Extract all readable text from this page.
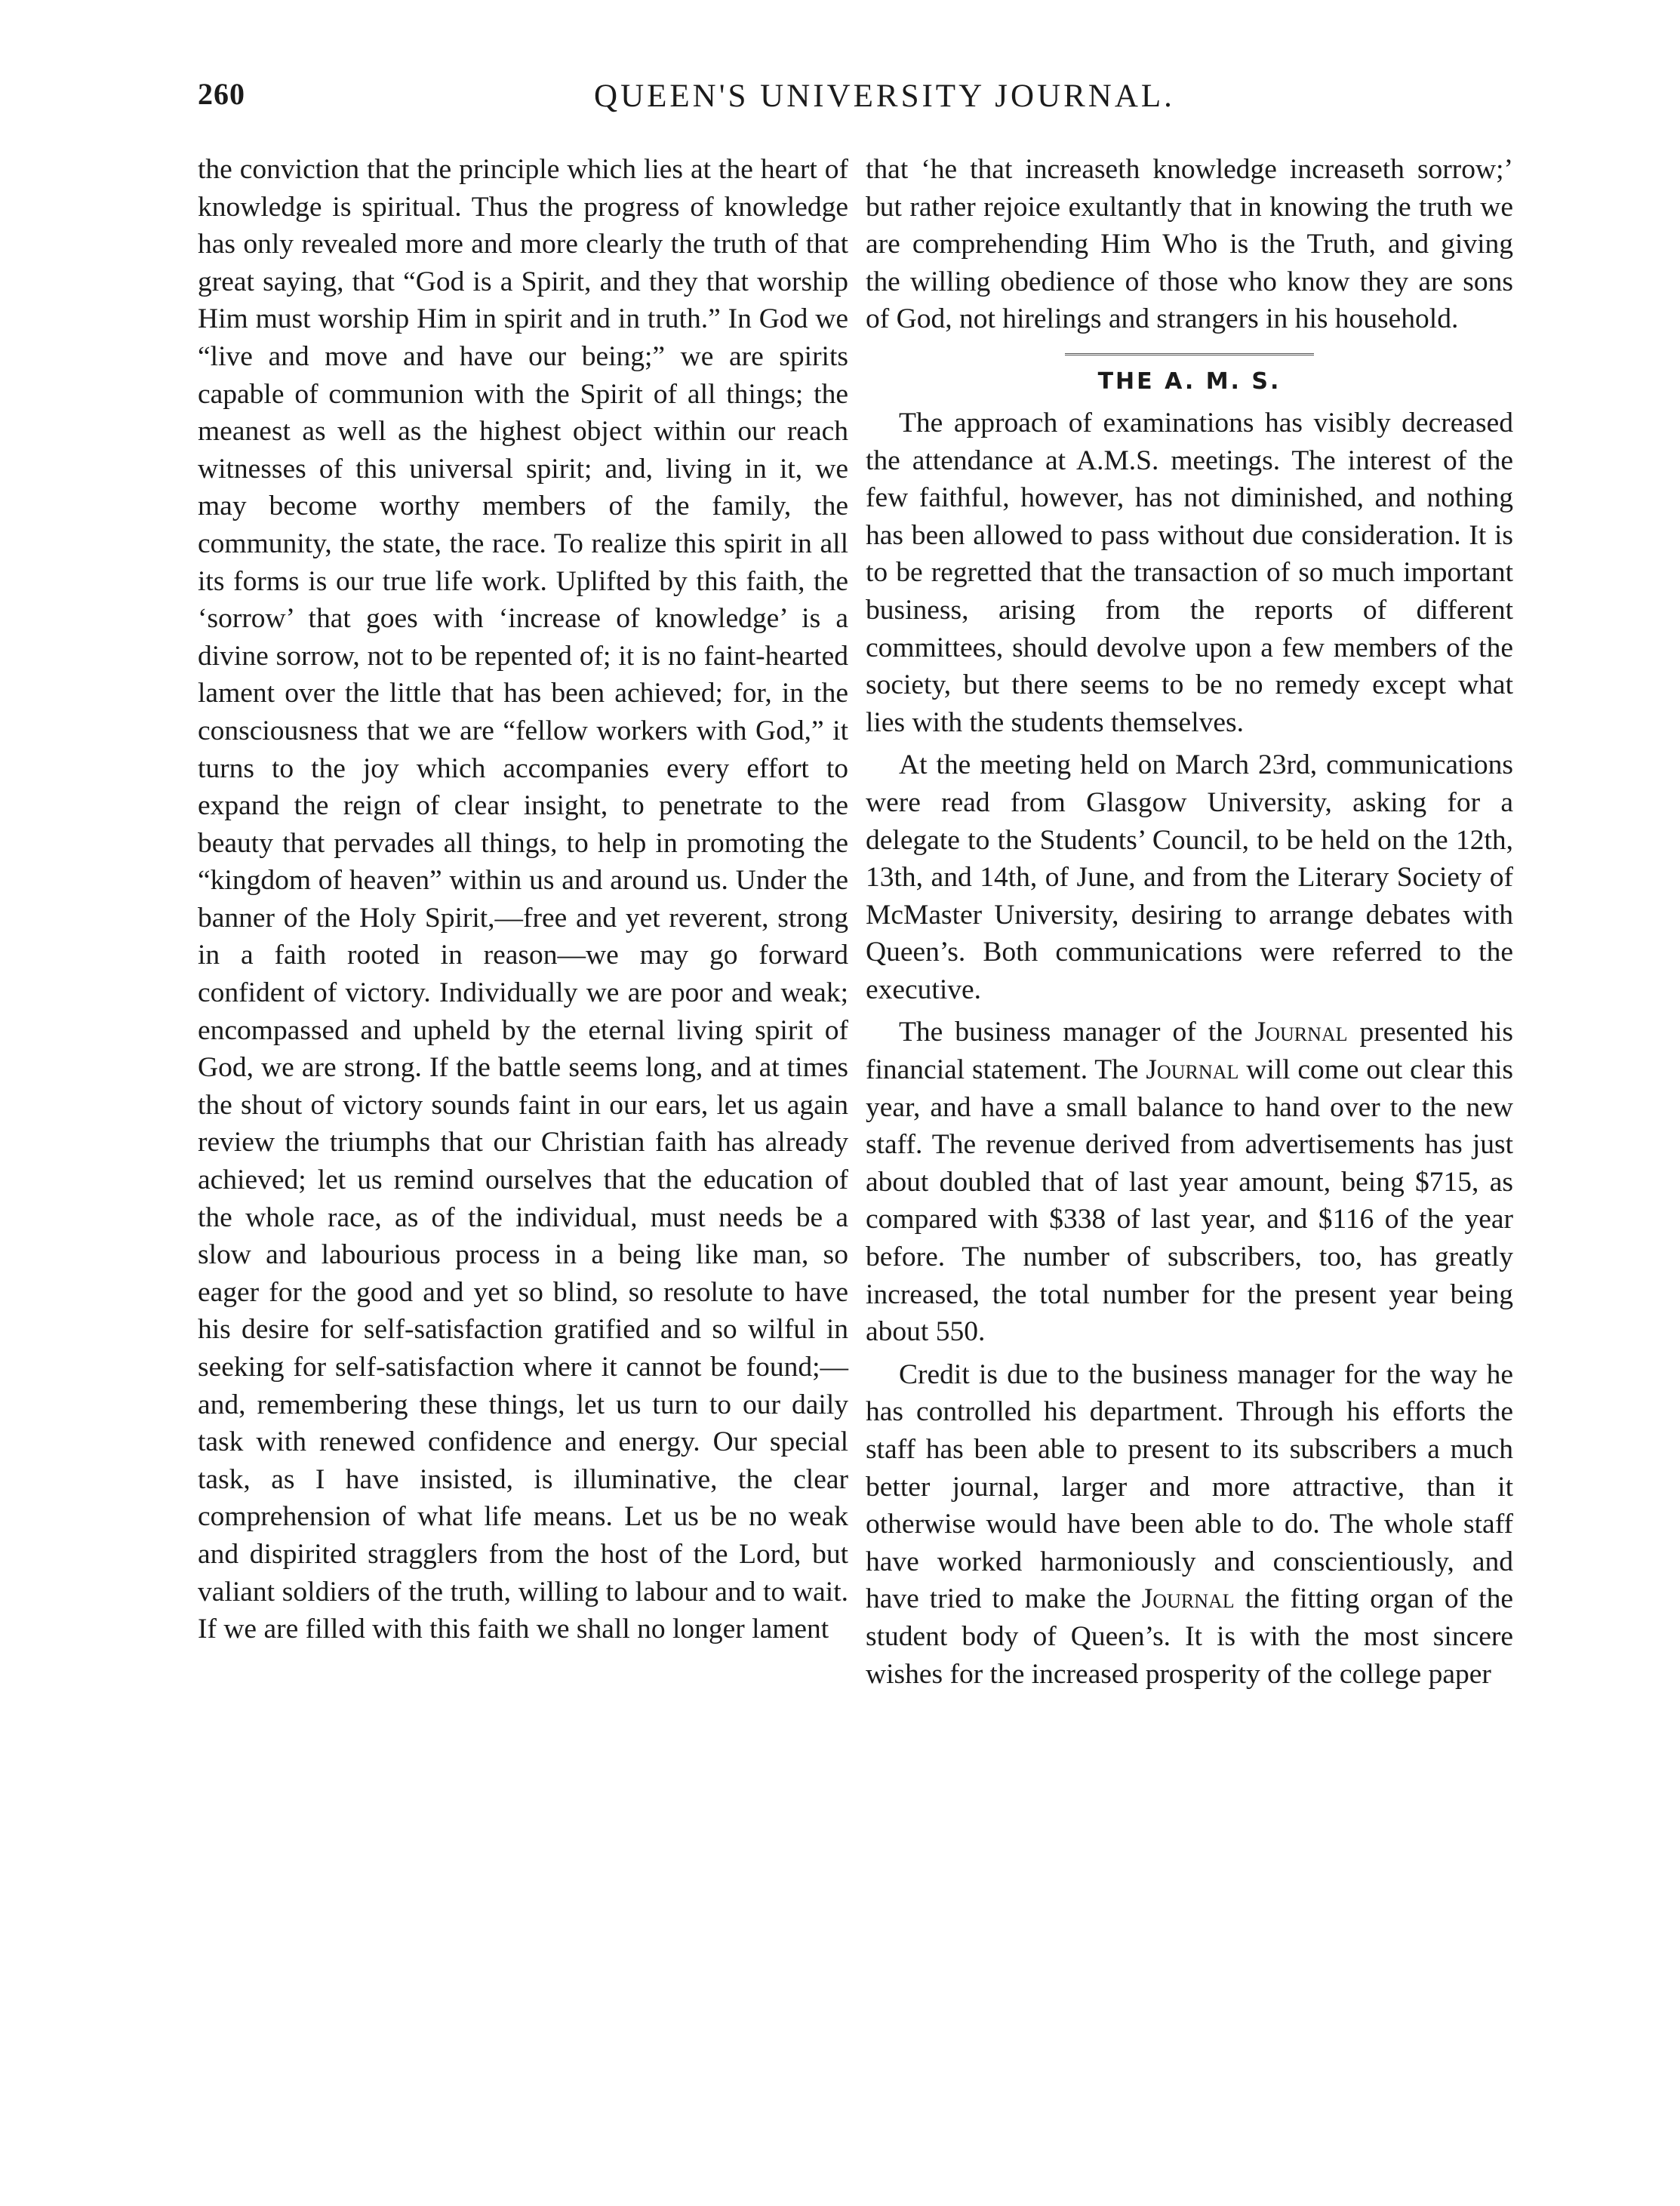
260	QUEEN'S UNIVERSITY JOURNAL.

the conviction that the principle which lies at the heart of knowledge is spiritual. Thus the progress of knowledge has only revealed more and more clearly the truth of that great saying, that “God is a Spirit, and they that worship Him must worship Him in spirit and in truth.” In God we “live and move and have our being;” we are spirits capable of communion with the Spirit of all things; the meanest as well as the highest object within our reach witnesses of this universal spirit; and, living in it, we may become worthy members of the family, the community, the state, the race. To realize this spirit in all its forms is our true life work. Uplifted by this faith, the ‘sorrow’ that goes with ‘increase of knowledge’ is a divine sorrow, not to be repented of; it is no faint-hearted lament over the little that has been achieved; for, in the consciousness that we are “fellow workers with God,” it turns to the joy which accompanies every effort to expand the reign of clear insight, to penetrate to the beauty that pervades all things, to help in promoting the “kingdom of heaven” within us and around us. Under the banner of the Holy Spirit,—free and yet reverent, strong in a faith rooted in reason—we may go forward confident of victory. Individually we are poor and weak; encompassed and upheld by the eternal living spirit of God, we are strong. If the battle seems long, and at times the shout of victory sounds faint in our ears, let us again review the triumphs that our Christian faith has already achieved; let us remind ourselves that the education of the whole race, as of the individual, must needs be a slow and labourious process in a being like man, so eager for the good and yet so blind, so resolute to have his desire for self-satisfaction gratified and so wilful in seeking for self-satisfaction where it cannot be found;—and, remembering these things, let us turn to our daily task with renewed confidence and energy. Our special task, as I have insisted, is illuminative, the clear comprehension of what life means. Let us be no weak and dispirited stragglers from the host of the Lord, but valiant soldiers of the truth, willing to labour and to wait. If we are filled with this faith we shall no longer lament

that ‘he that increaseth knowledge increaseth sorrow;’ but rather rejoice exultantly that in knowing the truth we are comprehending Him Who is the Truth, and giving the willing obedience of those who know they are sons of God, not hirelings and strangers in his household.

THE A. M. S.

The approach of examinations has visibly decreased the attendance at A.M.S. meetings. The interest of the few faithful, however, has not diminished, and nothing has been allowed to pass without due consideration. It is to be regretted that the transaction of so much important business, arising from the reports of different committees, should devolve upon a few members of the society, but there seems to be no remedy except what lies with the students themselves.

At the meeting held on March 23rd, communications were read from Glasgow University, asking for a delegate to the Students’ Council, to be held on the 12th, 13th, and 14th, of June, and from the Literary Society of McMaster University, desiring to arrange debates with Queen’s. Both communications were referred to the executive.

The business manager of the Journal presented his financial statement. The Journal will come out clear this year, and have a small balance to hand over to the new staff. The revenue derived from advertisements has just about doubled that of last year amount, being $715, as compared with $338 of last year, and $116 of the year before. The number of subscribers, too, has greatly increased, the total number for the present year being about 550.

Credit is due to the business manager for the way he has controlled his department. Through his efforts the staff has been able to present to its subscribers a much better journal, larger and more attractive, than it otherwise would have been able to do. The whole staff have worked harmoniously and conscientiously, and have tried to make the Journal the fitting organ of the student body of Queen’s. It is with the most sincere wishes for the increased prosperity of the college paper
